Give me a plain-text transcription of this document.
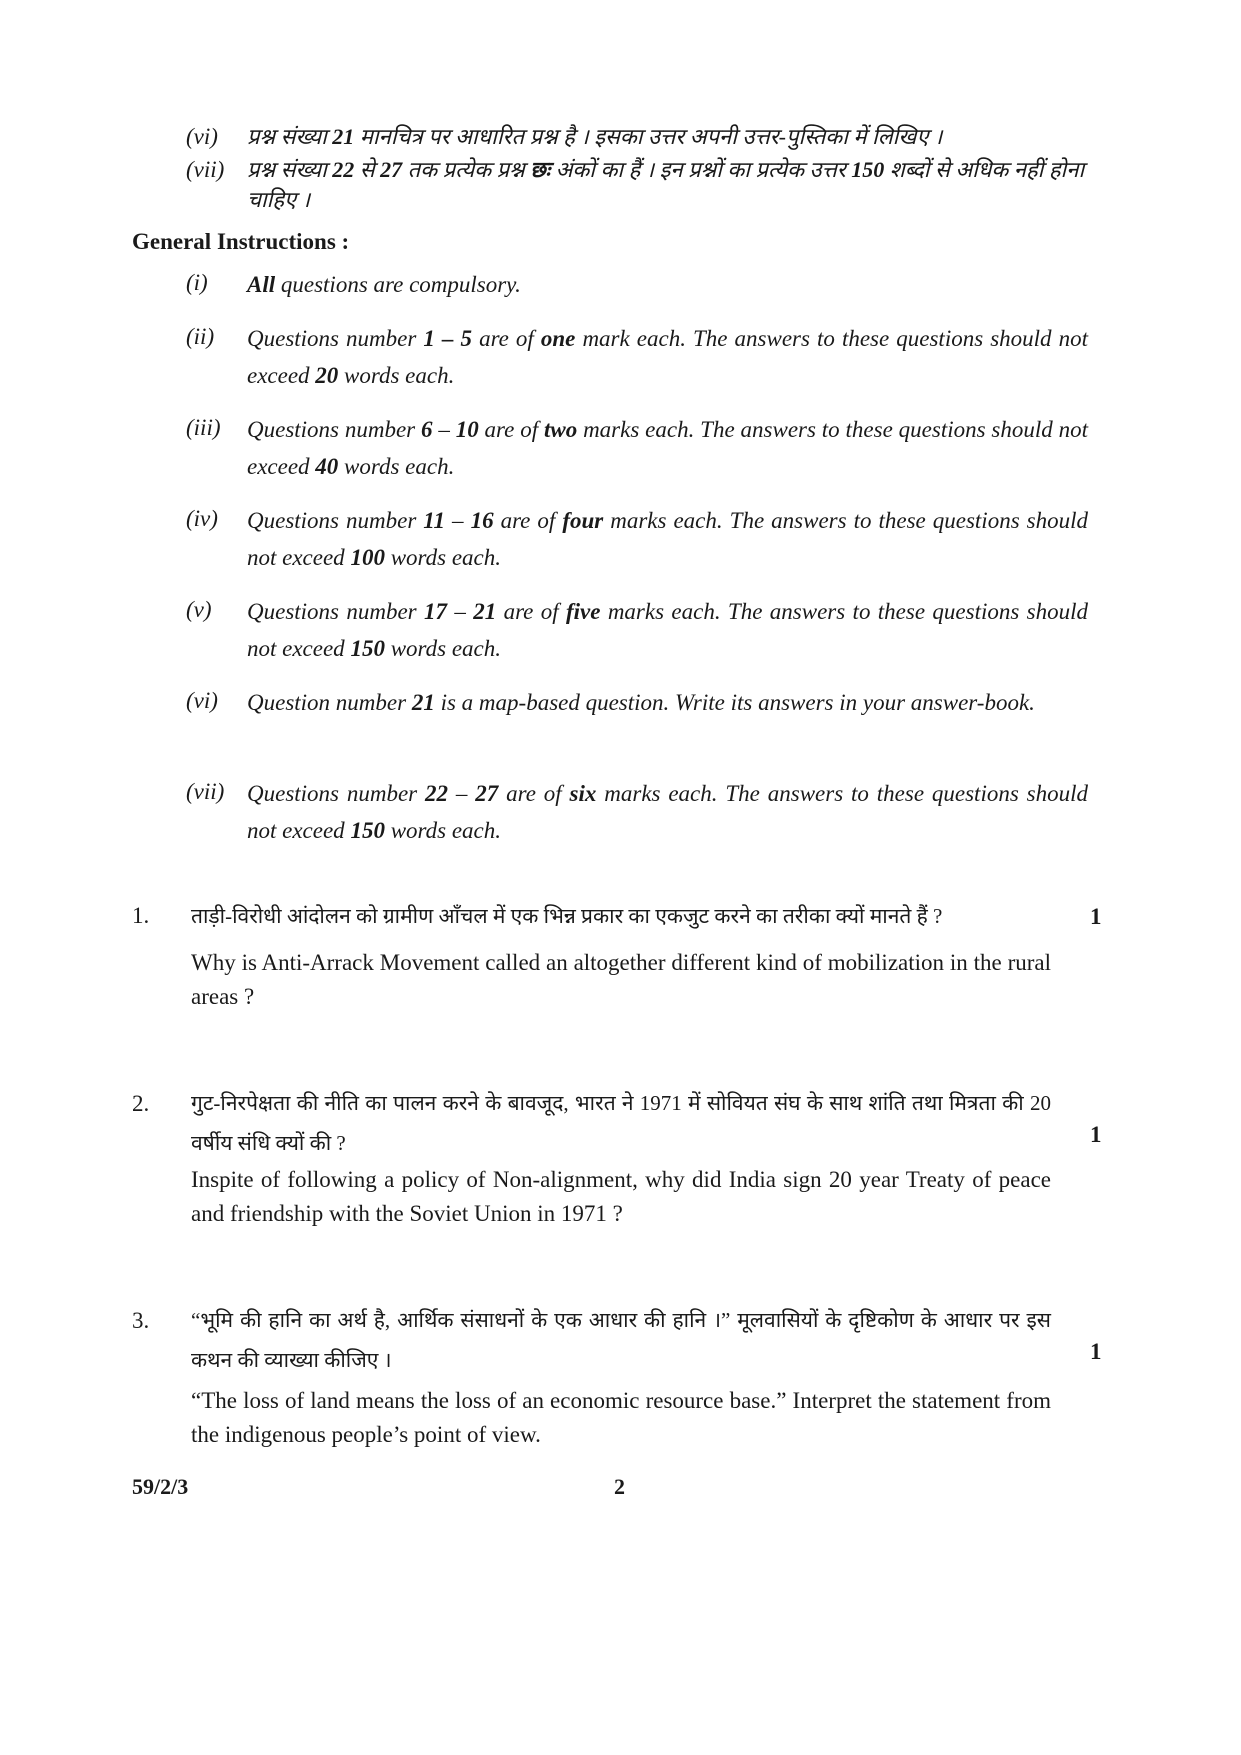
(vi) प्रश्न संख्या 21 मानचित्र पर आधारित प्रश्न है । इसका उत्तर अपनी उत्तर-पुस्तिका में लिखिए ।
(vii) प्रश्न संख्या 22 से 27 तक प्रत्येक प्रश्न छः अंकों का हैं । इन प्रश्नों का प्रत्येक उत्तर 150 शब्दों से अधिक नहीं होना चाहिए ।
General Instructions :
(i) All questions are compulsory.
(ii) Questions number 1 – 5 are of one mark each. The answers to these questions should not exceed 20 words each.
(iii) Questions number 6 – 10 are of two marks each. The answers to these questions should not exceed 40 words each.
(iv) Questions number 11 – 16 are of four marks each. The answers to these questions should not exceed 100 words each.
(v) Questions number 17 – 21 are of five marks each. The answers to these questions should not exceed 150 words each.
(vi) Question number 21 is a map-based question. Write its answers in your answer-book.
(vii) Questions number 22 – 27 are of six marks each. The answers to these questions should not exceed 150 words each.
1. ताड़ी-विरोधी आंदोलन को ग्रामीण आँचल में एक भिन्न प्रकार का एकजुट करने का तरीका क्यों मानते हैं ?	1
Why is Anti-Arrack Movement called an altogether different kind of mobilization in the rural areas ?
2. गुट-निरपेक्षता की नीति का पालन करने के बावजूद, भारत ने 1971 में सोवियत संघ के साथ शांति तथा मित्रता की 20 वर्षीय संधि क्यों की ?	1
Inspite of following a policy of Non-alignment, why did India sign 20 year Treaty of peace and friendship with the Soviet Union in 1971 ?
3. “भूमि की हानि का अर्थ है, आर्थिक संसाधनों के एक आधार की हानि ।” मूलवासियों के दृष्टिकोण के आधार पर इस कथन की व्याख्या कीजिए ।	1
“The loss of land means the loss of an economic resource base.” Interpret the statement from the indigenous people’s point of view.
59/2/3	2
